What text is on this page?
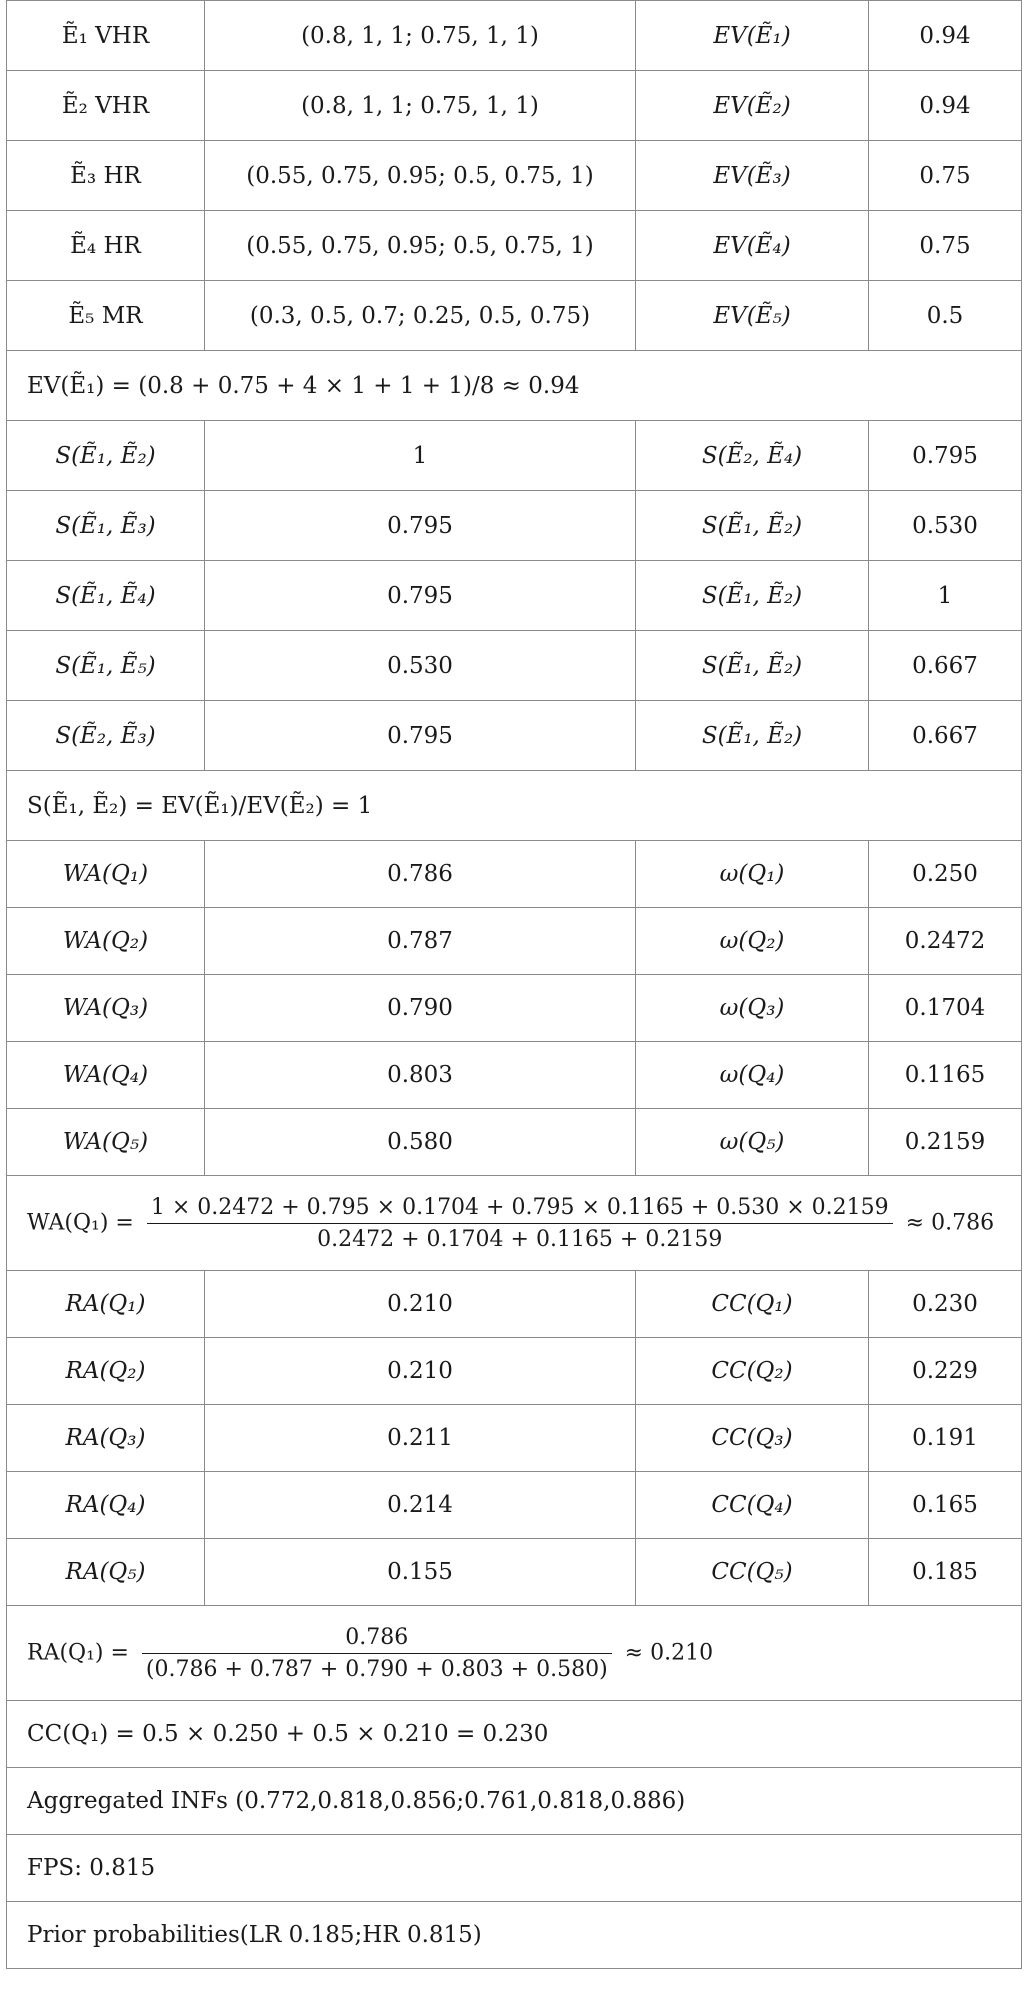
Ẽ₁ VHR	(0.8, 1, 1; 0.75, 1, 1)	EV(Ẽ₁)	0.94
Ẽ₂ VHR	(0.8, 1, 1; 0.75, 1, 1)	EV(Ẽ₂)	0.94
Ẽ₃ HR	(0.55, 0.75, 0.95; 0.5, 0.75, 1)	EV(Ẽ₃)	0.75
Ẽ₄ HR	(0.55, 0.75, 0.95; 0.5, 0.75, 1)	EV(Ẽ₄)	0.75
Ẽ₅ MR	(0.3, 0.5, 0.7; 0.25, 0.5, 0.75)	EV(Ẽ₅)	0.5
EV(Ẽ₁) = (0.8 + 0.75 + 4 × 1 + 1 + 1)/8 ≈ 0.94			
S(Ẽ₁, Ẽ₂)	1	S(Ẽ₂, Ẽ₄)	0.795
S(Ẽ₁, Ẽ₃)	0.795	S(Ẽ₁, Ẽ₂)	0.530
S(Ẽ₁, Ẽ₄)	0.795	S(Ẽ₁, Ẽ₂)	1
S(Ẽ₁, Ẽ₅)	0.530	S(Ẽ₁, Ẽ₂)	0.667
S(Ẽ₂, Ẽ₃)	0.795	S(Ẽ₁, Ẽ₂)	0.667
S(Ẽ₁, Ẽ₂) = EV(Ẽ₁)/EV(Ẽ₂) = 1			
WA(Q₁)	0.786	ω(Q₁)	0.250
WA(Q₂)	0.787	ω(Q₂)	0.2472
WA(Q₃)	0.790	ω(Q₃)	0.1704
WA(Q₄)	0.803	ω(Q₄)	0.1165
WA(Q₅)	0.580	ω(Q₅)	0.2159
WA(Q₁) =
1 × 0.2472 + 0.795 × 0.1704 + 0.795 × 0.1165 + 0.530 × 0.2159
0.2472 + 0.1704 + 0.1165 + 0.2159
≈ 0.786			
RA(Q₁)	0.210	CC(Q₁)	0.230
RA(Q₂)	0.210	CC(Q₂)	0.229
RA(Q₃)	0.211	CC(Q₃)	0.191
RA(Q₄)	0.214	CC(Q₄)	0.165
RA(Q₅)	0.155	CC(Q₅)	0.185
$RA(Q_1) = \frac{0.786}{(0.786 + 0.787 + 0.790 + 0.803 + 0.580)} \approx 0.210$			
CC(Q₁) = 0.5 × 0.250 + 0.5 × 0.210 = 0.230			
Aggregated INFs (0.772,0.818,0.856;0.761,0.818,0.886)			
FPS: 0.815			
Prior probabilities(LR 0.185;HR 0.815)			
